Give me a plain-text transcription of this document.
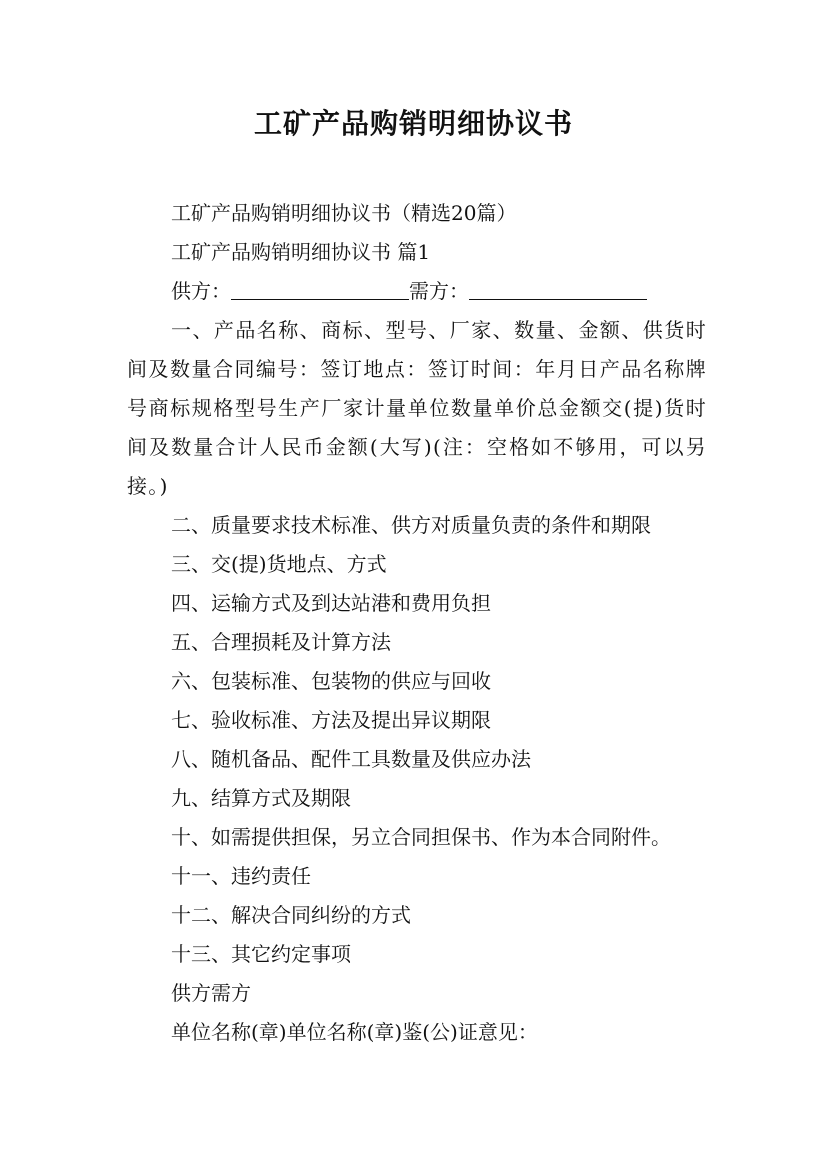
工矿产品购销明细协议书
工矿产品购销明细协议书（精选20篇）
工矿产品购销明细协议书 篇1
供方：	需方：
一、产品名称、商标、型号、厂家、数量、金额、供货时间及数量合同编号：签订地点：签订时间：年月日产品名称牌号商标规格型号生产厂家计量单位数量单价总金额交(提)货时间及数量合计人民币金额(大写)(注：空格如不够用，可以另接。)
二、质量要求技术标准、供方对质量负责的条件和期限
三、交(提)货地点、方式
四、运输方式及到达站港和费用负担
五、合理损耗及计算方法
六、包装标准、包装物的供应与回收
七、验收标准、方法及提出异议期限
八、随机备品、配件工具数量及供应办法
九、结算方式及期限
十、如需提供担保，另立合同担保书、作为本合同附件。
十一、违约责任
十二、解决合同纠纷的方式
十三、其它约定事项
供方需方
单位名称(章)单位名称(章)鉴(公)证意见：
